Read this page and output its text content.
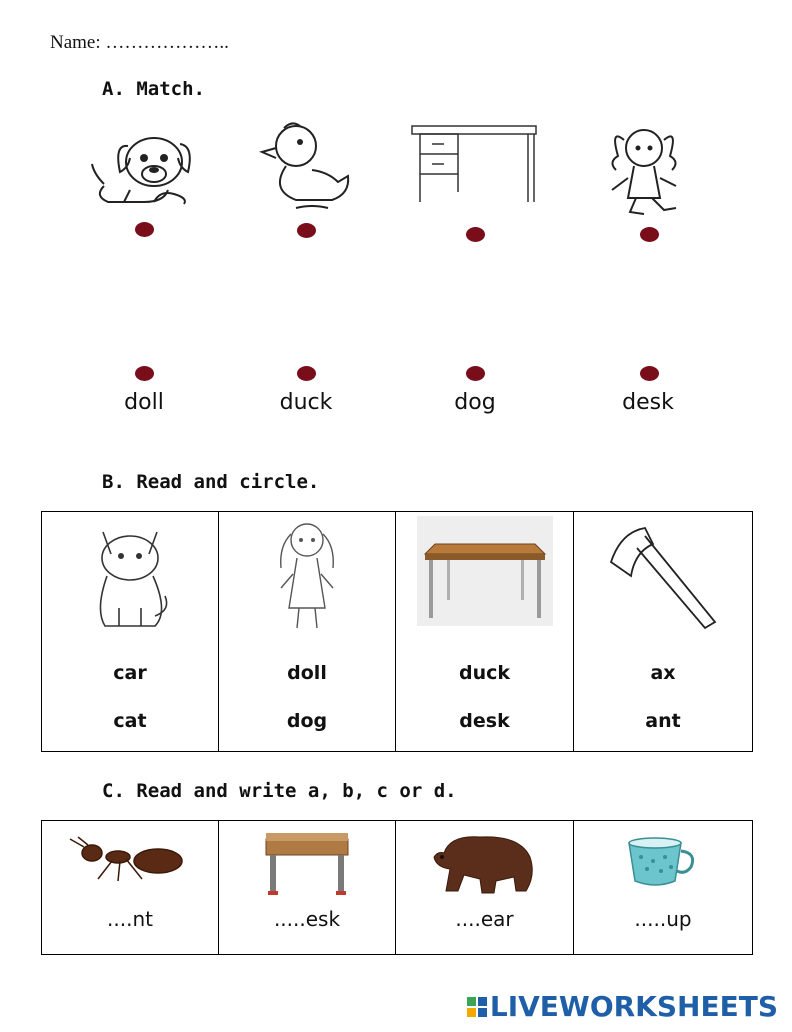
Name: ………………..
A. Match.
doll	duck	dog	desk
B. Read and circle.
car
cat

doll
dog

duck
desk

ax
ant
C. Read and write a, b, c or d.
....nt	.....esk	....ear	.....up
LIVEWORKSHEETS
